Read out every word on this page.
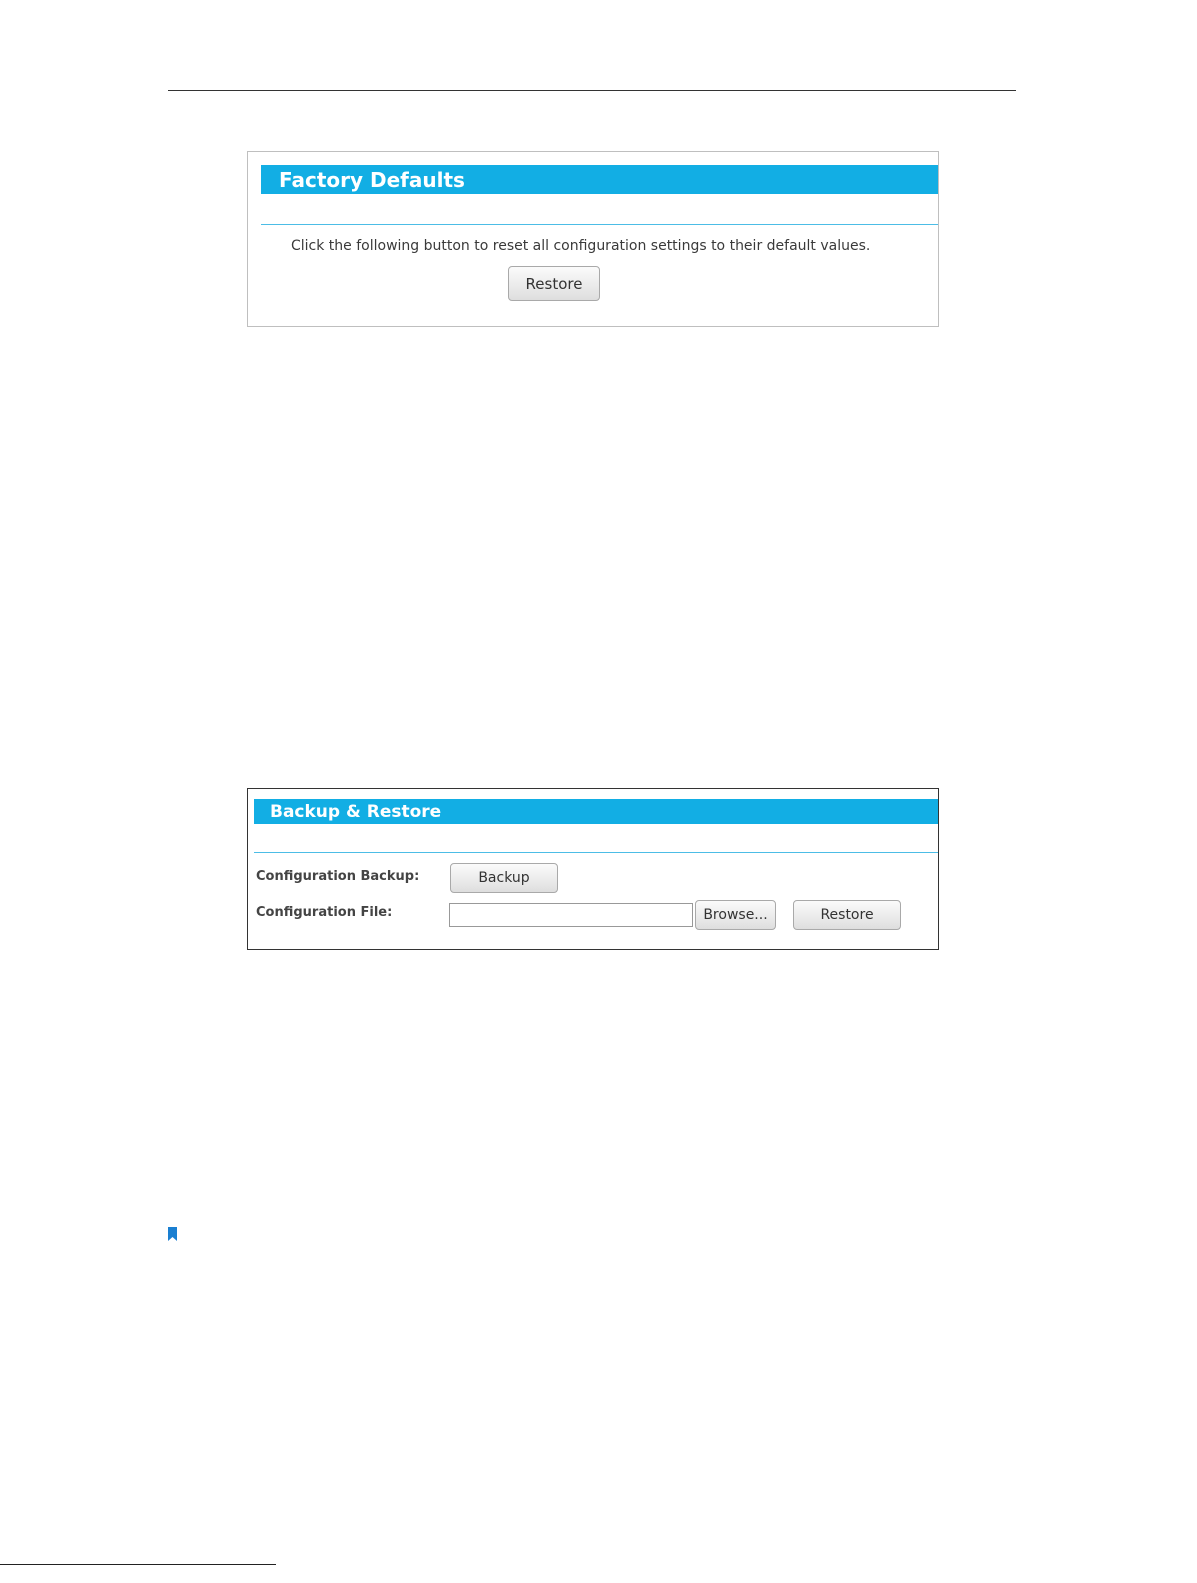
Factory Defaults
Click the following button to reset all configuration settings to their default values.
Restore
Backup & Restore
Configuration Backup:	Backup
Configuration File:	Browse...	Restore
